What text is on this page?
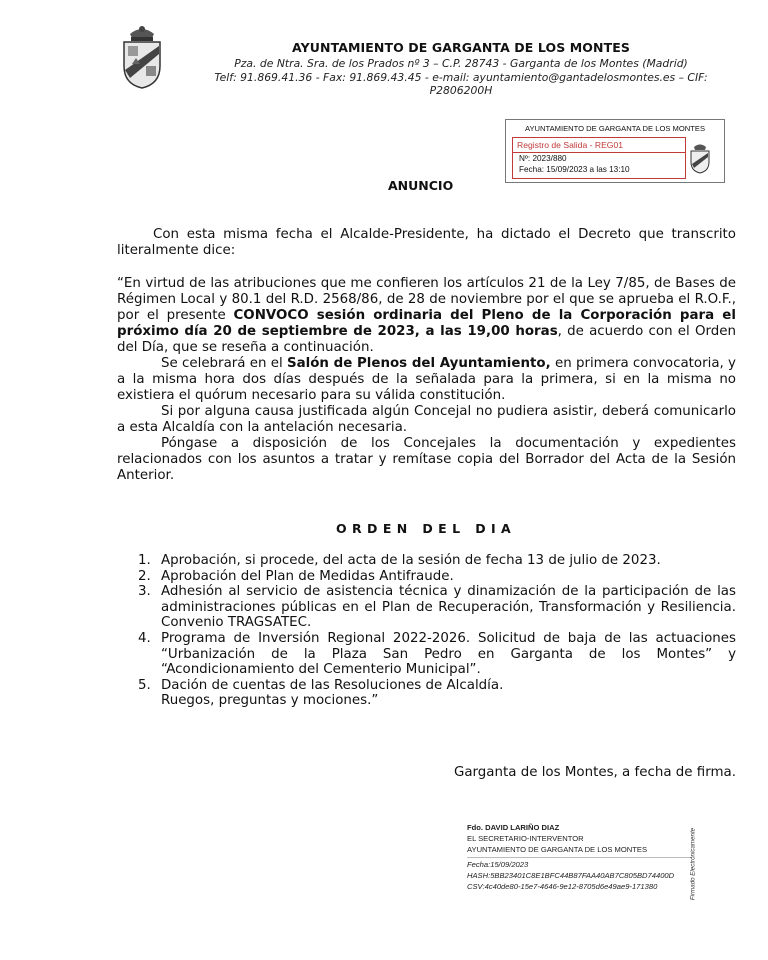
AYUNTAMIENTO DE GARGANTA DE LOS MONTES
Pza. de Ntra. Sra. de los Prados nº 3 – C.P. 28743 - Garganta de los Montes (Madrid)
Telf: 91.869.41.36 - Fax: 91.869.43.45 - e-mail: ayuntamiento@gantadelosmontes.es – CIF: P2806200H
AYUNTAMIENTO DE GARGANTA DE LOS MONTES
Registro de Salida - REG01
Nº: 2023/880
Fecha: 15/09/2023 a las 13:10
ANUNCIO
Con esta misma fecha el Alcalde-Presidente, ha dictado el Decreto que transcrito literalmente dice:
“En virtud de las atribuciones que me confieren los artículos 21 de la Ley 7/85, de Bases de Régimen Local y 80.1 del R.D. 2568/86, de 28 de noviembre por el que se aprueba el R.O.F., por el presente CONVOCO sesión ordinaria del Pleno de la Corporación para el próximo día 20 de septiembre de 2023, a las 19,00 horas, de acuerdo con el Orden del Día, que se reseña a continuación.
Se celebrará en el Salón de Plenos del Ayuntamiento, en primera convocatoria, y a la misma hora dos días después de la señalada para la primera, si en la misma no existiera el quórum necesario para su válida constitución.
Si por alguna causa justificada algún Concejal no pudiera asistir, deberá comunicarlo a esta Alcaldía con la antelación necesaria.
Póngase a disposición de los Concejales la documentación y expedientes relacionados con los asuntos a tratar y remítase copia del Borrador del Acta de la Sesión Anterior.
ORDEN DEL DIA
1. Aprobación, si procede, del acta de la sesión de fecha 13 de julio de 2023.
2. Aprobación del Plan de Medidas Antifraude.
3. Adhesión al servicio de asistencia técnica y dinamización de la participación de las administraciones públicas en el Plan de Recuperación, Transformación y Resiliencia. Convenio TRAGSATEC.
4. Programa de Inversión Regional 2022-2026. Solicitud de baja de las actuaciones “Urbanización de la Plaza San Pedro en Garganta de los Montes” y “Acondicionamiento del Cementerio Municipal”.
5. Dación de cuentas de las Resoluciones de Alcaldía.
Ruegos, preguntas y mociones.”
Garganta de los Montes, a fecha de firma.
Fdo. DAVID LARIÑO DIAZ
EL SECRETARIO-INTERVENTOR
AYUNTAMIENTO DE GARGANTA DE LOS MONTES
Fecha:15/09/2023
HASH:5BB23401C8E1BFC44B87FAA40AB7C805BD74400D
CSV:4c40de80-15e7-4646-9e12-8705d6e49ae9-171380	Firmado Electrónicamente
